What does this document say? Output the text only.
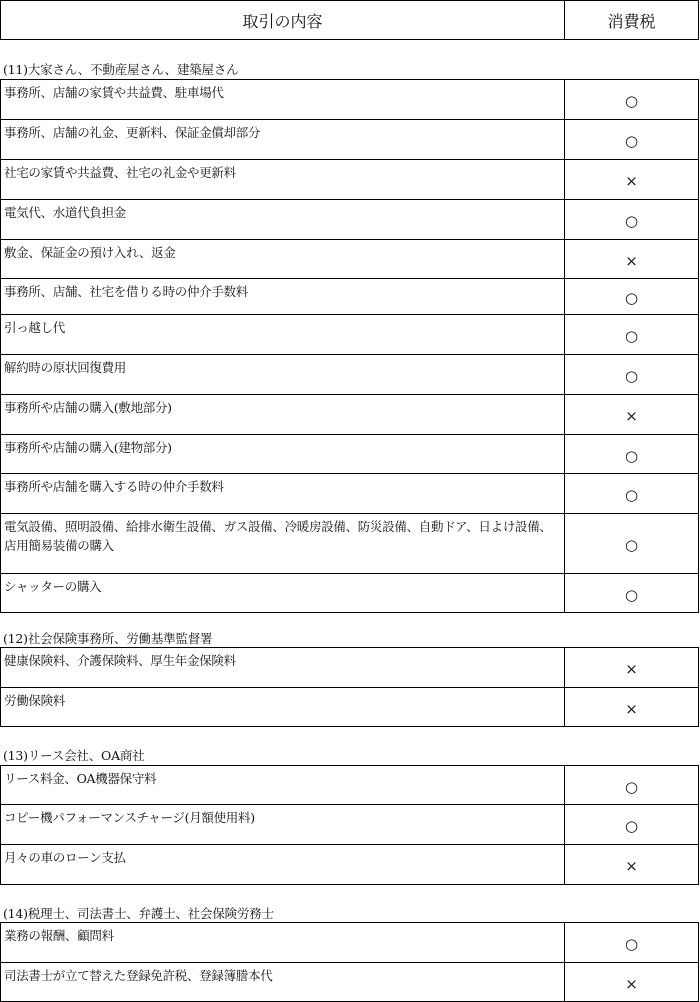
取引の内容	消費税
(11)大家さん、不動産屋さん、建築屋さん
事務所、店舗の家賃や共益費、駐車場代	○
事務所、店舗の礼金、更新料、保証金償却部分	○
社宅の家賃や共益費、社宅の礼金や更新料	×
電気代、水道代負担金	○
敷金、保証金の預け入れ、返金	×
事務所、店舗、社宅を借りる時の仲介手数料	○
引っ越し代	○
解約時の原状回復費用	○
事務所や店舗の購入(敷地部分)	×
事務所や店舗の購入(建物部分)	○
事務所や店舗を購入する時の仲介手数料	○
電気設備、照明設備、給排水衛生設備、ガス設備、冷暖房設備、防災設備、自動ドア、日よけ設備、店用簡易装備の購入	○
シャッターの購入	○
(12)社会保険事務所、労働基準監督署
健康保険料、介護保険料、厚生年金保険料	×
労働保険料	×
(13)リース会社、OA商社
リース料金、OA機器保守料	○
コピー機パフォーマンスチャージ(月額使用料)	○
月々の車のローン支払	×
(14)税理士、司法書士、弁護士、社会保険労務士
業務の報酬、顧問料	○
司法書士が立て替えた登録免許税、登録簿謄本代	×
